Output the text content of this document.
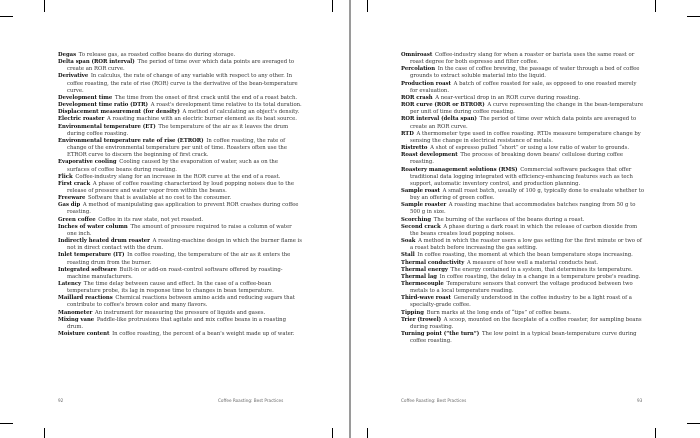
Degas  To release gas, as roasted coffee beans do during storage.

Delta span (ROR interval)  The period of time over which data points are averaged to create an ROR curve.

Derivative  In calculus, the rate of change of any variable with respect to any other. In coffee roasting, the rate of rise (ROR) curve is the derivative of the bean-temperature curve.

Development time  The time from the onset of first crack until the end of a roast batch.

Development time ratio (DTR)  A roast's development time relative to its total duration.

Displacement measurement (for density)  A method of calculating an object's density.

Electric roaster  A roasting machine with an electric burner element as its heat source.

Environmental temperature (ET)  The temperature of the air as it leaves the drum during coffee roasting.

Environmental temperature rate of rise (ETROR)  In coffee roasting, the rate of change of the environmental temperature per unit of time. Roasters often use the ETROR curve to discern the beginning of first crack.

Evaporative cooling  Cooling caused by the evaporation of water, such as on the surfaces of coffee beans during roasting.

Flick  Coffee-industry slang for an increase in the ROR curve at the end of a roast.

First crack  A phase of coffee roasting characterized by loud popping noises due to the release of pressure and water vapor from within the beans.

Freeware  Software that is available at no cost to the consumer.

Gas dip  A method of manipulating gas application to prevent ROR crashes during coffee roasting.

Green coffee  Coffee in its raw state, not yet roasted.

Inches of water column  The amount of pressure required to raise a column of water one inch.

Indirectly heated drum roaster  A roasting-machine design in which the burner flame is not in direct contact with the drum.

Inlet temperature (IT)  In coffee roasting, the temperature of the air as it enters the roasting drum from the burner.

Integrated software  Built-in or add-on roast-control software offered by roasting-machine manufacturers.

Latency  The time delay between cause and effect. In the case of a coffee-bean temperature probe, its lag in response time to changes in bean temperature.

Maillard reactions  Chemical reactions between amino acids and reducing sugars that contribute to coffee's brown color and many flavors.

Manometer  An instrument for measuring the pressure of liquids and gases.

Mixing vane  Paddle-like protrusions that agitate and mix coffee beans in a roasting drum.

Moisture content  In coffee roasting, the percent of a bean's weight made up of water.

92	Coffee Roasting: Best Practices

Omniroast  Coffee-industry slang for when a roaster or barista uses the same roast or roast degree for both espresso and filter coffee.

Percolation  In the case of coffee brewing, the passage of water through a bed of coffee grounds to extract soluble material into the liquid.

Production roast  A batch of coffee roasted for sale, as opposed to one roasted merely for evaluation.

ROR crash  A near-vertical drop in an ROR curve during roasting.

ROR curve (ROR or BTROR)  A curve representing the change in the bean-temperature per unit of time during coffee roasting.

ROR interval (delta span)  The period of time over which data points are averaged to create an ROR curve.

RTD  A thermometer type used in coffee roasting. RTDs measure temperature change by sensing the change in electrical resistance of metals.

Ristretto  A shot of espresso pulled “short” or using a low ratio of water to grounds.

Roast development  The process of breaking down beans' cellulose during coffee roasting.

Roastery management solutions (RMS)  Commercial software packages that offer traditional data logging integrated with efficiency-enhancing features such as tech support, automatic inventory control, and production planning.

Sample roast  A small roast batch, usually of 100 g, typically done to evaluate whether to buy an offering of green coffee.

Sample roaster  A roasting machine that accommodates batches ranging from 50 g to 500 g in size.

Scorching  The burning of the surfaces of the beans during a roast.

Second crack  A phase during a dark roast in which the release of carbon dioxide from the beans creates loud popping noises.

Soak  A method in which the roaster users a low gas setting for the first minute or two of a roast batch before increasing the gas setting.

Stall  In coffee roasting, the moment at which the bean temperature stops increasing.

Thermal conductivity  A measure of how well a material conducts heat.

Thermal energy  The energy contained in a system, that determines its temperature.

Thermal lag  In coffee roasting, the delay in a change in a temperature probe's reading.

Thermocouple  Temperature sensors that convert the voltage produced between two metals to a local temperature reading.

Third-wave roast  Generally understood in the coffee industry to be a light roast of a specialty-grade coffee.

Tipping  Burn marks at the long ends of “tips” of coffee beans.

Trier (trowel)  A scoop, mounted on the faceplate of a coffee roaster, for sampling beans during roasting.

Turning point (“the turn”)  The low point in a typical bean-temperature curve during coffee roasting.

Coffee Roasting: Best Practices	93
